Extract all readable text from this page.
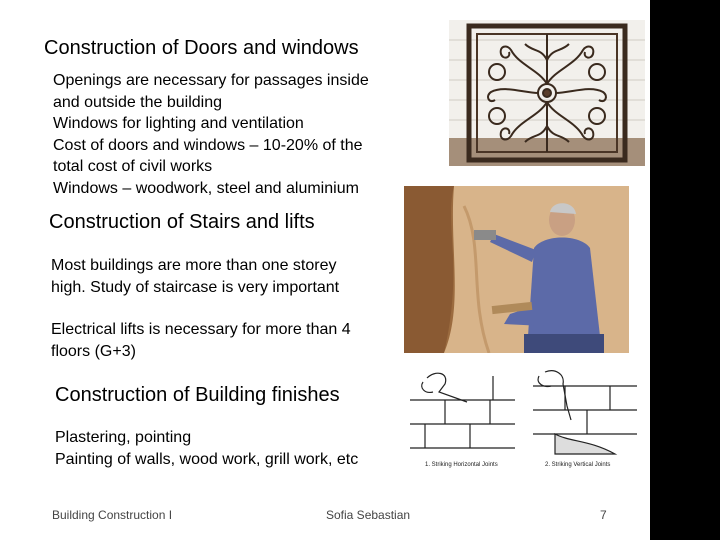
Construction of Doors and windows
Openings are necessary for passages inside
and outside the building
Windows for lighting and ventilation
Cost of doors and windows – 10-20% of the
total cost of civil works
Windows – woodwork, steel and aluminium
Construction of Stairs and lifts
Most buildings are more than one storey
high. Study of staircase is very important
Electrical lifts is necessary for more than 4
floors (G+3)
Construction of Building finishes
Plastering, pointing
Painting of walls, wood work, grill work, etc	1. Striking Horizontal Joints	2. Striking Vertical Joints
Building Construction I	Sofia Sebastian	7
